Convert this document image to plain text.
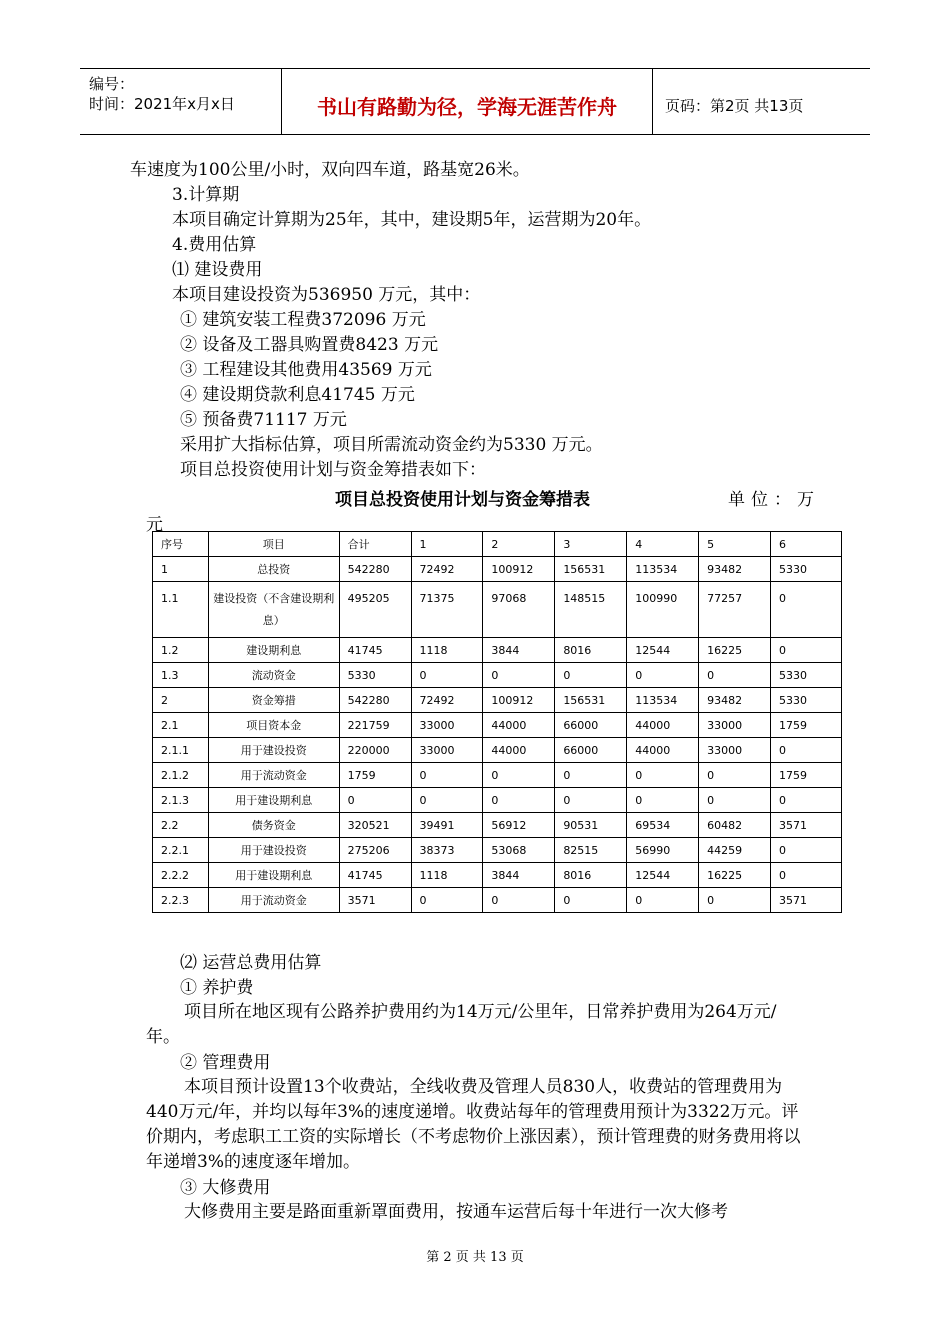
编号：
时间：2021年x月x日	书山有路勤为径，学海无涯苦作舟	页码：第2页 共13页
车速度为100公里/小时，双向四车道，路基宽26米。
3.计算期
本项目确定计算期为25年，其中，建设期5年，运营期为20年。
4.费用估算
⑴ 建设费用
本项目建设投资为536950 万元，其中：
① 建筑安装工程费372096 万元
② 设备及工器具购置费8423 万元
③ 工程建设其他费用43569 万元
④ 建设期贷款利息41745 万元
⑤ 预备费71117 万元
采用扩大指标估算，项目所需流动资金约为5330 万元。
项目总投资使用计划与资金筹措表如下：
项目总投资使用计划与资金筹措表	单位：万
元
序号	项目	合计	1	2	3	4	5	6
1	总投资	542280	72492	100912	156531	113534	93482	5330
1.1	建设投资（不含建设期利息）	495205	71375	97068	148515	100990	77257	0
1.2	建设期利息	41745	1118	3844	8016	12544	16225	0
1.3	流动资金	5330	0	0	0	0	0	5330
2	资金筹措	542280	72492	100912	156531	113534	93482	5330
2.1	项目资本金	221759	33000	44000	66000	44000	33000	1759
2.1.1	用于建设投资	220000	33000	44000	66000	44000	33000	0
2.1.2	用于流动资金	1759	0	0	0	0	0	1759
2.1.3	用于建设期利息	0	0	0	0	0	0	0
2.2	债务资金	320521	39491	56912	90531	69534	60482	3571
2.2.1	用于建设投资	275206	38373	53068	82515	56990	44259	0
2.2.2	用于建设期利息	41745	1118	3844	8016	12544	16225	0
2.2.3	用于流动资金	3571	0	0	0	0	0	3571
⑵ 运营总费用估算
① 养护费
项目所在地区现有公路养护费用约为14万元/公里年，日常养护费用为264万元/年。
② 管理费用
本项目预计设置13个收费站，全线收费及管理人员830人，收费站的管理费用为440万元/年，并均以每年3%的速度递增。收费站每年的管理费用预计为3322万元。评价期内，考虑职工工资的实际增长（不考虑物价上涨因素），预计管理费的财务费用将以年递增3%的速度逐年增加。
③ 大修费用
大修费用主要是路面重新罩面费用，按通车运营后每十年进行一次大修考
第 2 页 共 13 页
